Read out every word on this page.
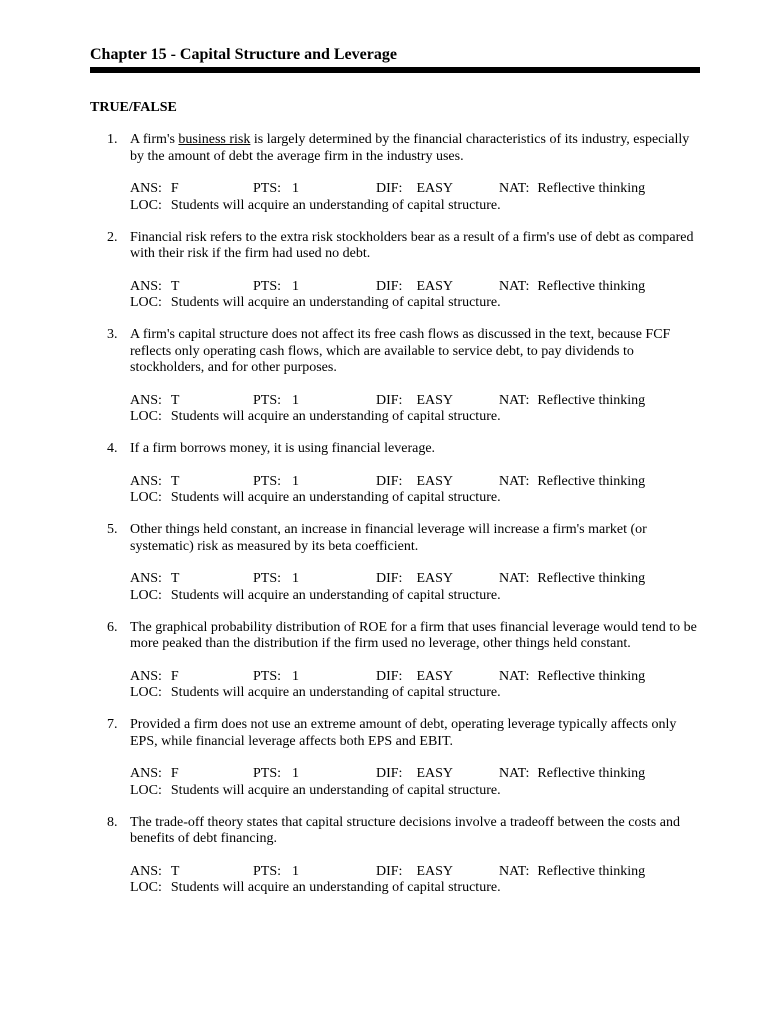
Chapter 15 - Capital Structure and Leverage
TRUE/FALSE
1. A firm's business risk is largely determined by the financial characteristics of its industry, especially by the amount of debt the average firm in the industry uses.
ANS: F	PTS: 1	DIF: EASY	NAT: Reflective thinking
LOC: Students will acquire an understanding of capital structure.
2. Financial risk refers to the extra risk stockholders bear as a result of a firm's use of debt as compared with their risk if the firm had used no debt.
ANS: T	PTS: 1	DIF: EASY	NAT: Reflective thinking
LOC: Students will acquire an understanding of capital structure.
3. A firm's capital structure does not affect its free cash flows as discussed in the text, because FCF reflects only operating cash flows, which are available to service debt, to pay dividends to stockholders, and for other purposes.
ANS: T	PTS: 1	DIF: EASY	NAT: Reflective thinking
LOC: Students will acquire an understanding of capital structure.
4. If a firm borrows money, it is using financial leverage.
ANS: T	PTS: 1	DIF: EASY	NAT: Reflective thinking
LOC: Students will acquire an understanding of capital structure.
5. Other things held constant, an increase in financial leverage will increase a firm's market (or systematic) risk as measured by its beta coefficient.
ANS: T	PTS: 1	DIF: EASY	NAT: Reflective thinking
LOC: Students will acquire an understanding of capital structure.
6. The graphical probability distribution of ROE for a firm that uses financial leverage would tend to be more peaked than the distribution if the firm used no leverage, other things held constant.
ANS: F	PTS: 1	DIF: EASY	NAT: Reflective thinking
LOC: Students will acquire an understanding of capital structure.
7. Provided a firm does not use an extreme amount of debt, operating leverage typically affects only EPS, while financial leverage affects both EPS and EBIT.
ANS: F	PTS: 1	DIF: EASY	NAT: Reflective thinking
LOC: Students will acquire an understanding of capital structure.
8. The trade-off theory states that capital structure decisions involve a tradeoff between the costs and benefits of debt financing.
ANS: T	PTS: 1	DIF: EASY	NAT: Reflective thinking
LOC: Students will acquire an understanding of capital structure.
